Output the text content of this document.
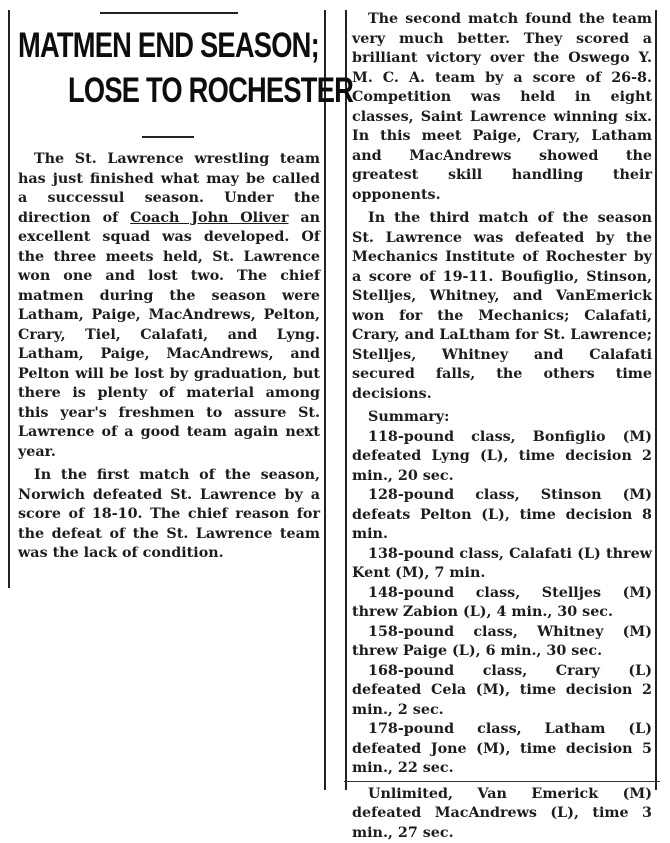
MATMEN END SEASON;
LOSE TO ROCHESTER

The St. Lawrence wrestling team has just finished what may be called a successul season. Under the direction of Coach John Oliver an excellent squad was developed. Of the three meets held, St. Lawrence won one and lost two. The chief matmen during the season were Latham, Paige, MacAndrews, Pelton, Crary, Tiel, Calafati, and Lyng. Latham, Paige, MacAndrews, and Pelton will be lost by graduation, but there is plenty of material among this year's freshmen to assure St. Lawrence of a good team again next year.

In the first match of the season, Norwich defeated St. Lawrence by a score of 18-10. The chief reason for the defeat of the St. Lawrence team was the lack of condition.

The second match found the team very much better. They scored a brilliant victory over the Oswego Y. M. C. A. team by a score of 26-8. Competition was held in eight classes, Saint Lawrence winning six. In this meet Paige, Crary, Latham and MacAndrews showed the greatest skill handling their opponents.

In the third match of the season St. Lawrence was defeated by the Mechanics Institute of Rochester by a score of 19-11. Boufiglio, Stinson, Stelljes, Whitney, and VanEmerick won for the Mechanics; Calafati, Crary, and LaLtham for St. Lawrence; Stelljes, Whitney and Calafati secured falls, the others time decisions.

Summary:

118-pound class, Bonfiglio (M) defeated Lyng (L), time decision 2 min., 20 sec.

128-pound class, Stinson (M) defeats Pelton (L), time decision 8 min.

138-pound class, Calafati (L) threw Kent (M), 7 min.

148-pound class, Stelljes (M) threw Zabion (L), 4 min., 30 sec.

158-pound class, Whitney (M) threw Paige (L), 6 min., 30 sec.

168-pound class, Crary (L) defeated Cela (M), time decision 2 min., 2 sec.

178-pound class, Latham (L) defeated Jone (M), time decision 5 min., 22 sec.

Unlimited, Van Emerick (M) defeated MacAndrews (L), time 3 min., 27 sec.
